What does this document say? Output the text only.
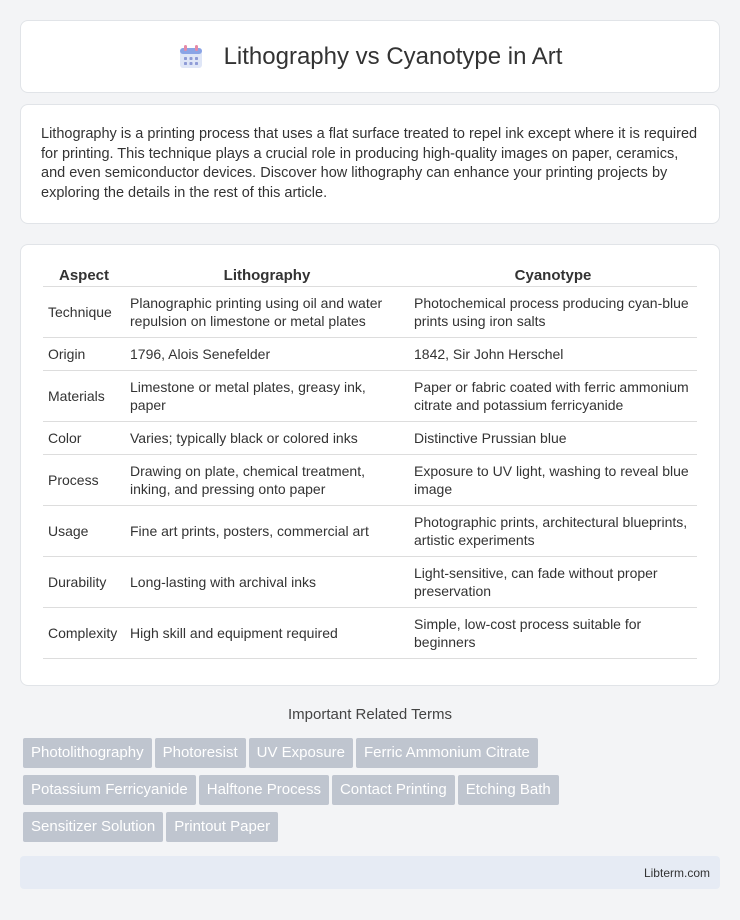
Lithography vs Cyanotype in Art

Lithography is a printing process that uses a flat surface treated to repel ink except where it is required for printing. This technique plays a crucial role in producing high-quality images on paper, ceramics, and even semiconductor devices. Discover how lithography can enhance your printing projects by exploring the details in the rest of this article.

Aspect	Lithography	Cyanotype
Technique	Planographic printing using oil and water repulsion on limestone or metal plates	Photochemical process producing cyan-blue prints using iron salts
Origin	1796, Alois Senefelder	1842, Sir John Herschel
Materials	Limestone or metal plates, greasy ink, paper	Paper or fabric coated with ferric ammonium citrate and potassium ferricyanide
Color	Varies; typically black or colored inks	Distinctive Prussian blue
Process	Drawing on plate, chemical treatment, inking, and pressing onto paper	Exposure to UV light, washing to reveal blue image
Usage	Fine art prints, posters, commercial art	Photographic prints, architectural blueprints, artistic experiments
Durability	Long-lasting with archival inks	Light-sensitive, can fade without proper preservation
Complexity	High skill and equipment required	Simple, low-cost process suitable for beginners
Important Related Terms
Photolithography Photoresist UV Exposure Ferric Ammonium Citrate
Potassium Ferricyanide Halftone Process Contact Printing Etching Bath
Sensitizer Solution Printout Paper
Libterm.com
